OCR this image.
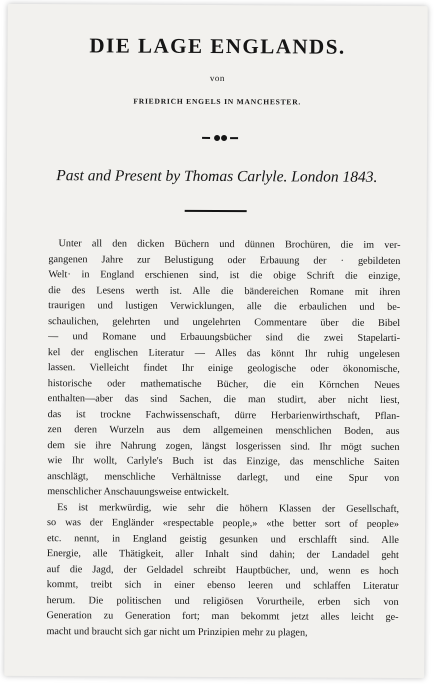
DIE LAGE ENGLANDS.
von
FRIEDRICH ENGELS IN MANCHESTER.
Past and Present by Thomas Carlyle. London 1843.
Unter all den dicken Büchern und dünnen Brochüren, die im ver-
gangenen Jahre zur Belustigung oder Erbauung der · gebildeten
Welt· in England erschienen sind, ist die obige Schrift die einzige,
die des Lesens werth ist. Alle die bändereichen Romane mit ihren
traurigen und lustigen Verwicklungen, alle die erbaulichen und be-
schaulichen, gelehrten und ungelehrten Commentare über die Bibel
— und Romane und Erbauungsbücher sind die zwei Stapelarti-
kel der englischen Literatur — Alles das könnt Ihr ruhig ungelesen
lassen. Vielleicht findet Ihr einige geologische oder ökonomische,
historische oder mathematische Bücher, die ein Körnchen Neues
enthalten—aber das sind Sachen, die man studirt, aber nicht liest,
das ist trockne Fachwissenschaft, dürre Herbarienwirthschaft, Pflan-
zen deren Wurzeln aus dem allgemeinen menschlichen Boden, aus
dem sie ihre Nahrung zogen, längst losgerissen sind. Ihr mögt suchen
wie Ihr wollt, Carlyle's Buch ist das Einzige, das menschliche Saiten
anschlägt, menschliche Verhältnisse darlegt, und eine Spur von
menschlicher Anschauungsweise entwickelt.
Es ist merkwürdig, wie sehr die höhern Klassen der Gesellschaft,
so was der Engländer «respectable people,» «the better sort of people»
etc. nennt, in England geistig gesunken und erschlafft sind. Alle
Energie, alle Thätigkeit, aller Inhalt sind dahin; der Landadel geht
auf die Jagd, der Geldadel schreibt Hauptbücher, und, wenn es hoch
kommt, treibt sich in einer ebenso leeren und schlaffen Literatur
herum. Die politischen und religiösen Vorurtheile, erben sich von
Generation zu Generation fort; man bekommt jetzt alles leicht ge-
macht und braucht sich gar nicht um Prinzipien mehr zu plagen,
